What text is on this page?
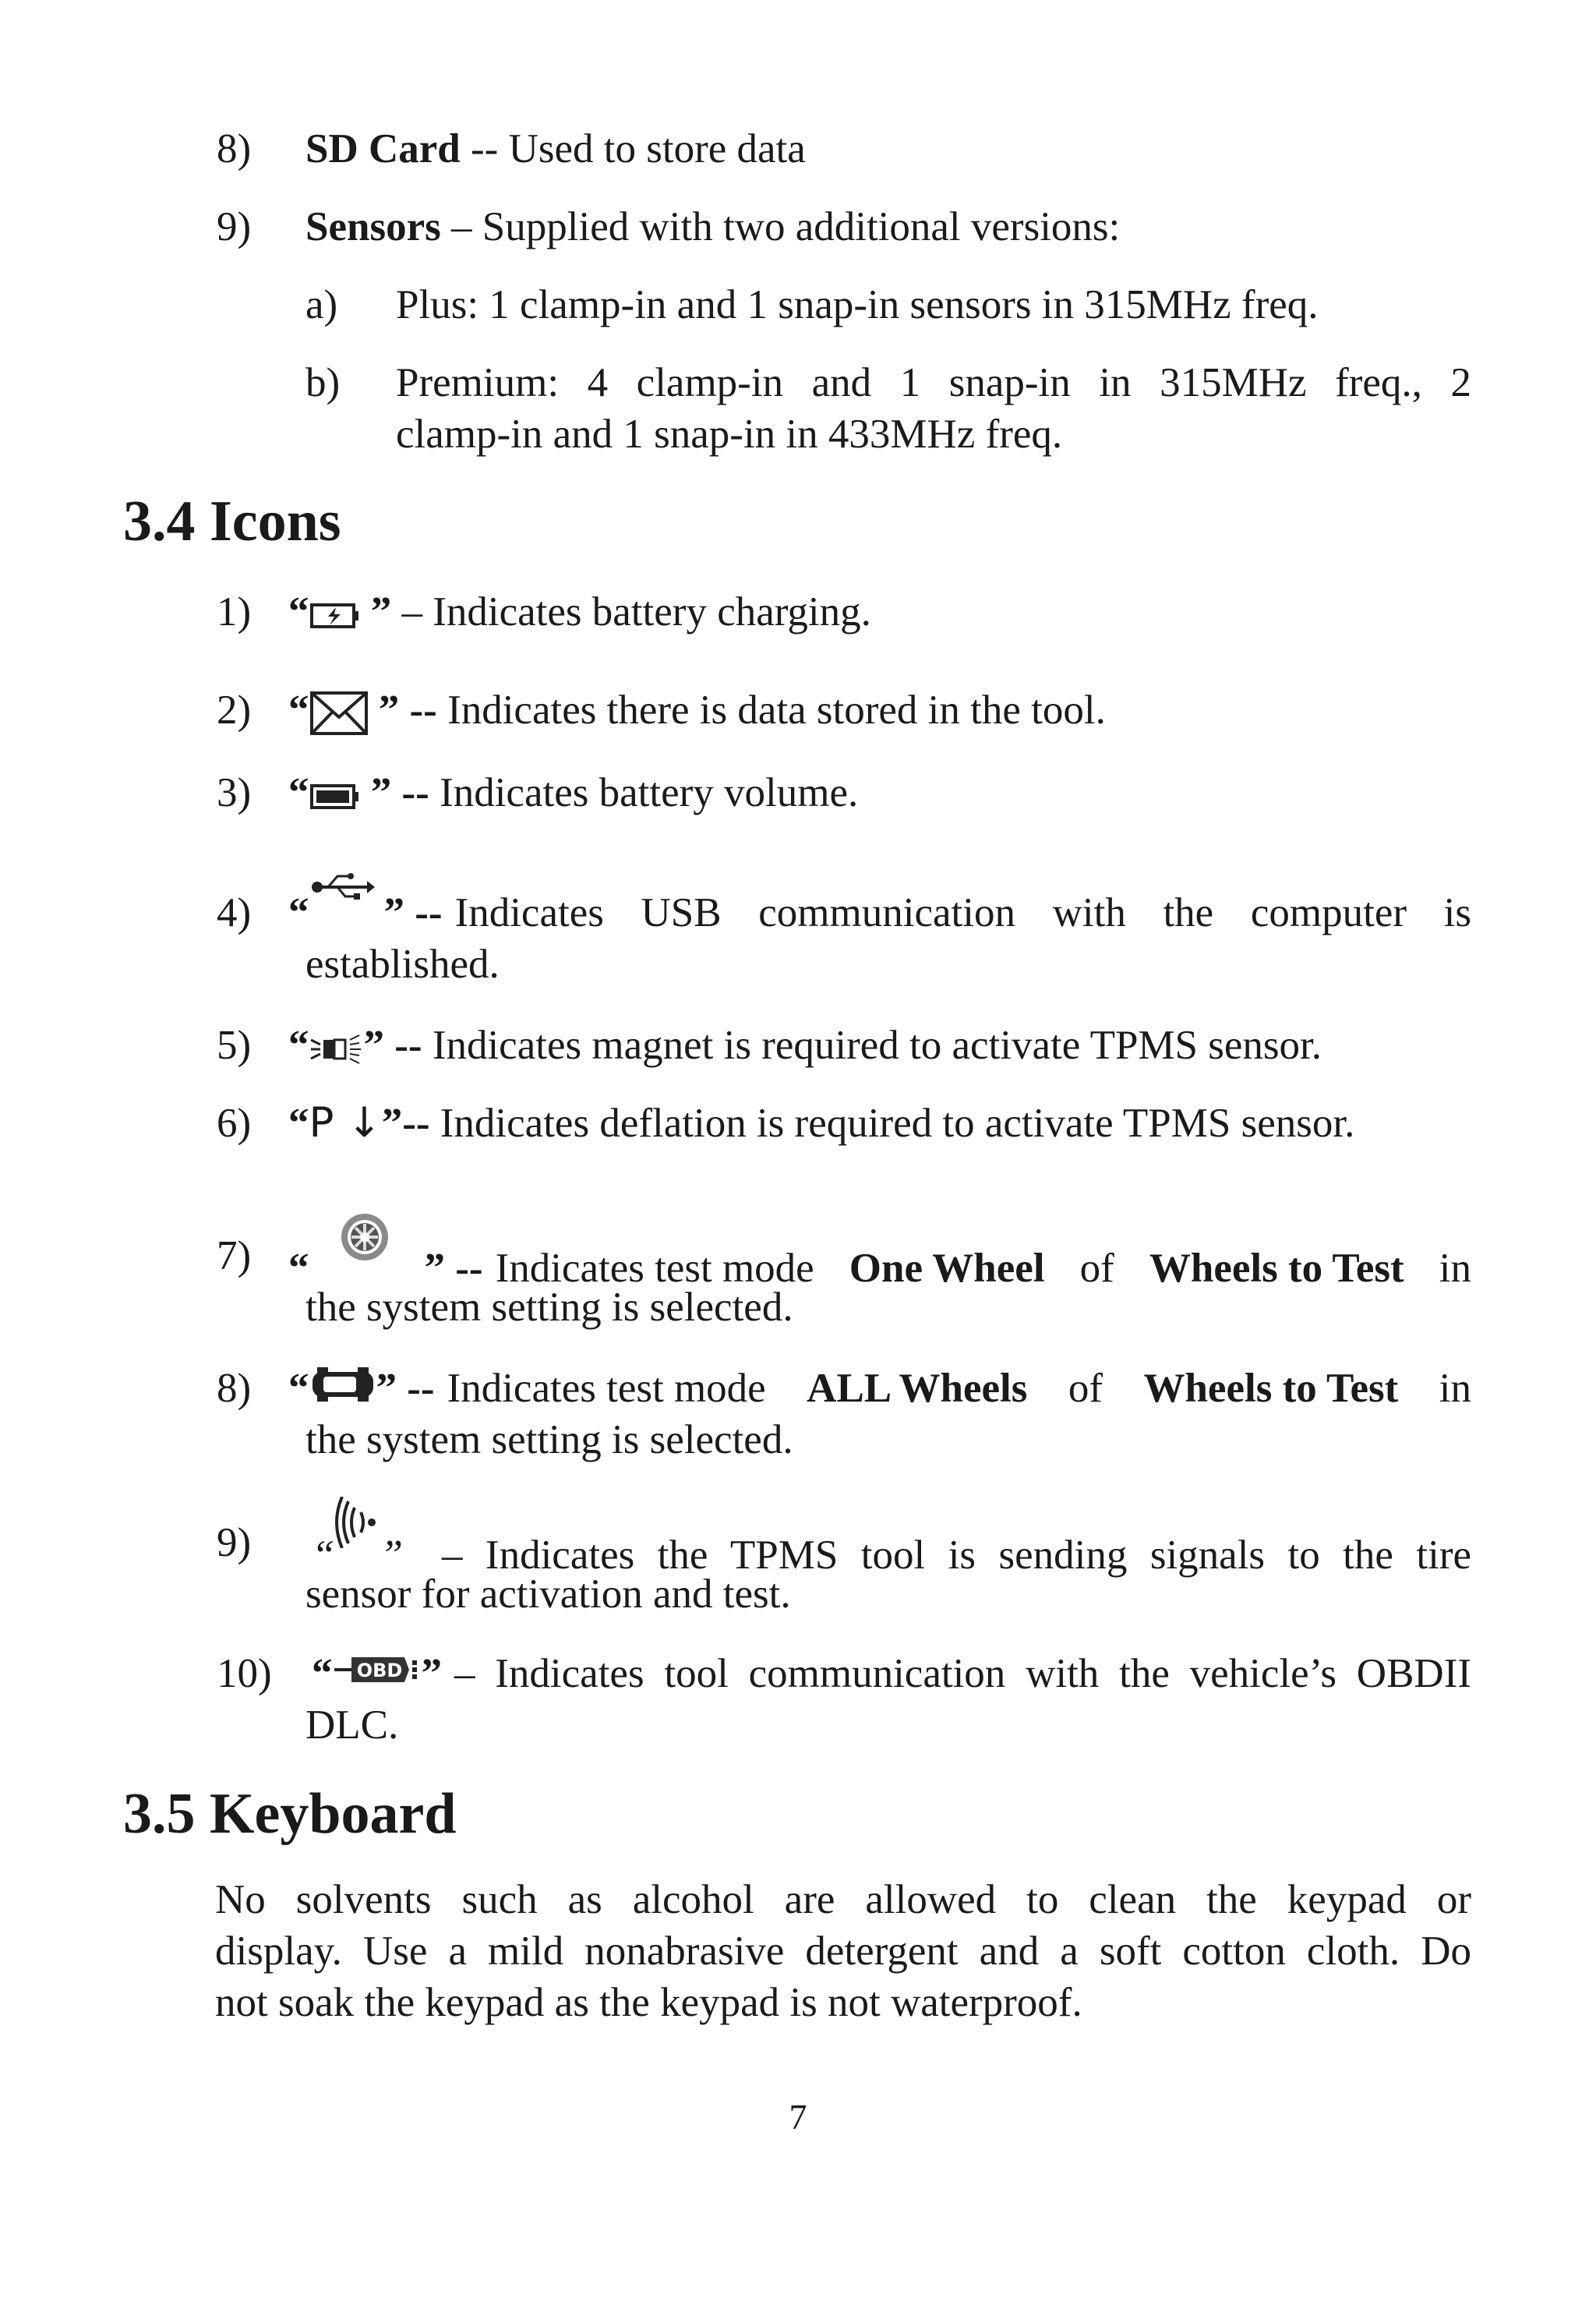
8) SD Card -- Used to store data
9) Sensors – Supplied with two additional versions:
a) Plus: 1 clamp-in and 1 snap-in sensors in 315MHz freq.
b) Premium: 4 clamp-in and 1 snap-in in 315MHz freq., 2
clamp-in and 1 snap-in in 433MHz freq.
3.4 Icons
1) “ ” – Indicates battery charging.
2) “ ” -- Indicates there is data stored in the tool.
3) “ ” -- Indicates battery volume.
4) “ ” -- Indicates USB communication with the computer is
established.
5) “ ” -- Indicates magnet is required to activate TPMS sensor.
6) “P ↓”-- Indicates deflation is required to activate TPMS sensor.
7) “	” -- Indicates test mode One Wheel of Wheels to Test in
the system setting is selected.
8) “ ” -- Indicates test mode ALL Wheels of Wheels to Test in
the system setting is selected.
9) “ ” – Indicates the TPMS tool is sending signals to the tire
sensor for activation and test.
10) “ OBD ” – Indicates tool communication with the vehicle’s OBDII
DLC.
3.5 Keyboard
No solvents such as alcohol are allowed to clean the keypad or
display. Use a mild nonabrasive detergent and a soft cotton cloth. Do
not soak the keypad as the keypad is not waterproof.
7
